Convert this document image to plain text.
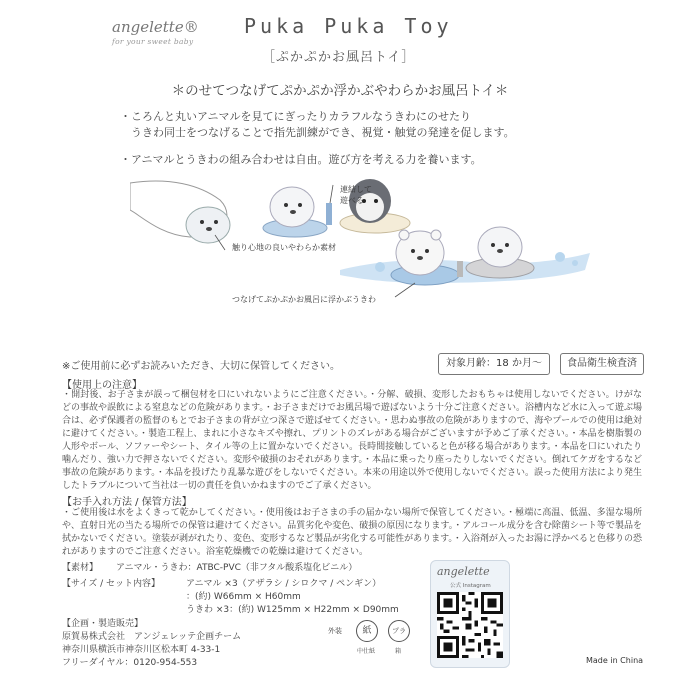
angelette®
for your sweet baby
Puka Puka Toy
［ぷかぷかお風呂トイ］
＊のせてつなげてぷかぷか浮かぶやわらかお風呂トイ＊
・ころんと丸いアニマルを見てにぎったりカラフルなうきわにのせたり
　うきわ同士をつなげることで指先訓練ができ、視覚・触覚の発達を促します。
・アニマルとうきわの組み合わせは自由。遊び方を考える力を養います。
連結して
遊べる
触り心地の良いやわらか素材
つなげてぷかぷかお風呂に浮かぶうきわ
※ご使用前に必ずお読みいただき、大切に保管してください。	対象月齢：18 か月～	食品衛生検査済
【使用上の注意】
・開封後、お子さまが誤って梱包材を口にいれないようにご注意ください。・分解、破損、変形したおもちゃは使用しないでください。けがなどの事故や誤飲による窒息などの危険があります。・お子さまだけでお風呂場で遊ばないよう十分ご注意ください。浴槽内など水に入って遊ぶ場合は、必ず保護者の監督のもとでお子さまの背が立つ深さで遊ばせてください。・思わぬ事故の危険がありますので、海やプールでの使用は絶対に避けてください。・製造工程上、まれに小さなキズや擦れ、プリントのズレがある場合がございますが予めご了承ください。・本品を樹脂製の人形やボール、ソファーやシート、タイル等の上に置かないでください。長時間接触していると色が移る場合があります。・本品を口にいれたり噛んだり、強い力で押さないでください。変形や破損のおそれがあります。・本品に乗ったり座ったりしないでください。倒れてケガをするなど事故の危険があります。・本品を投げたり乱暴な遊びをしないでください。本来の用途以外で使用しないでください。誤った使用方法により発生したトラブルについて当社は一切の責任を負いかねますのでご了承ください。
【お手入れ方法 / 保管方法】
・ご使用後は水をよくきって乾かしてください。・使用後はお子さまの手の届かない場所で保管してください。・極端に高温、低温、多湿な場所や、直射日光の当たる場所での保管は避けてください。品質劣化や変色、破損の原因になります。・アルコール成分を含む除菌シート等で製品を拭かないでください。塗装が剥がれたり、変色、変形するなど製品が劣化する可能性があります。・入浴剤が入ったお湯に浮かべると色移りの恐れがありますのでご注意ください。浴室乾燥機での乾燥は避けてください。
【素材】 アニマル・うきわ：ATBC-PVC（非フタル酸系塩化ビニル）
【サイズ / セット内容】	アニマル ×3（アザラシ / シロクマ / ペンギン）
：(約) W66mm × H60mm
うきわ ×3：(約) W125mm × H22mm × D90mm
【企画・製造販売】
原賀易株式会社　アンジェレッテ企画チーム
神奈川県横浜市神奈川区松本町 4-33-1
フリーダイヤル：0120-954-553
外装	紙
中仕紙
プラ
箱
angelette
公式 Instagram
Made in China
